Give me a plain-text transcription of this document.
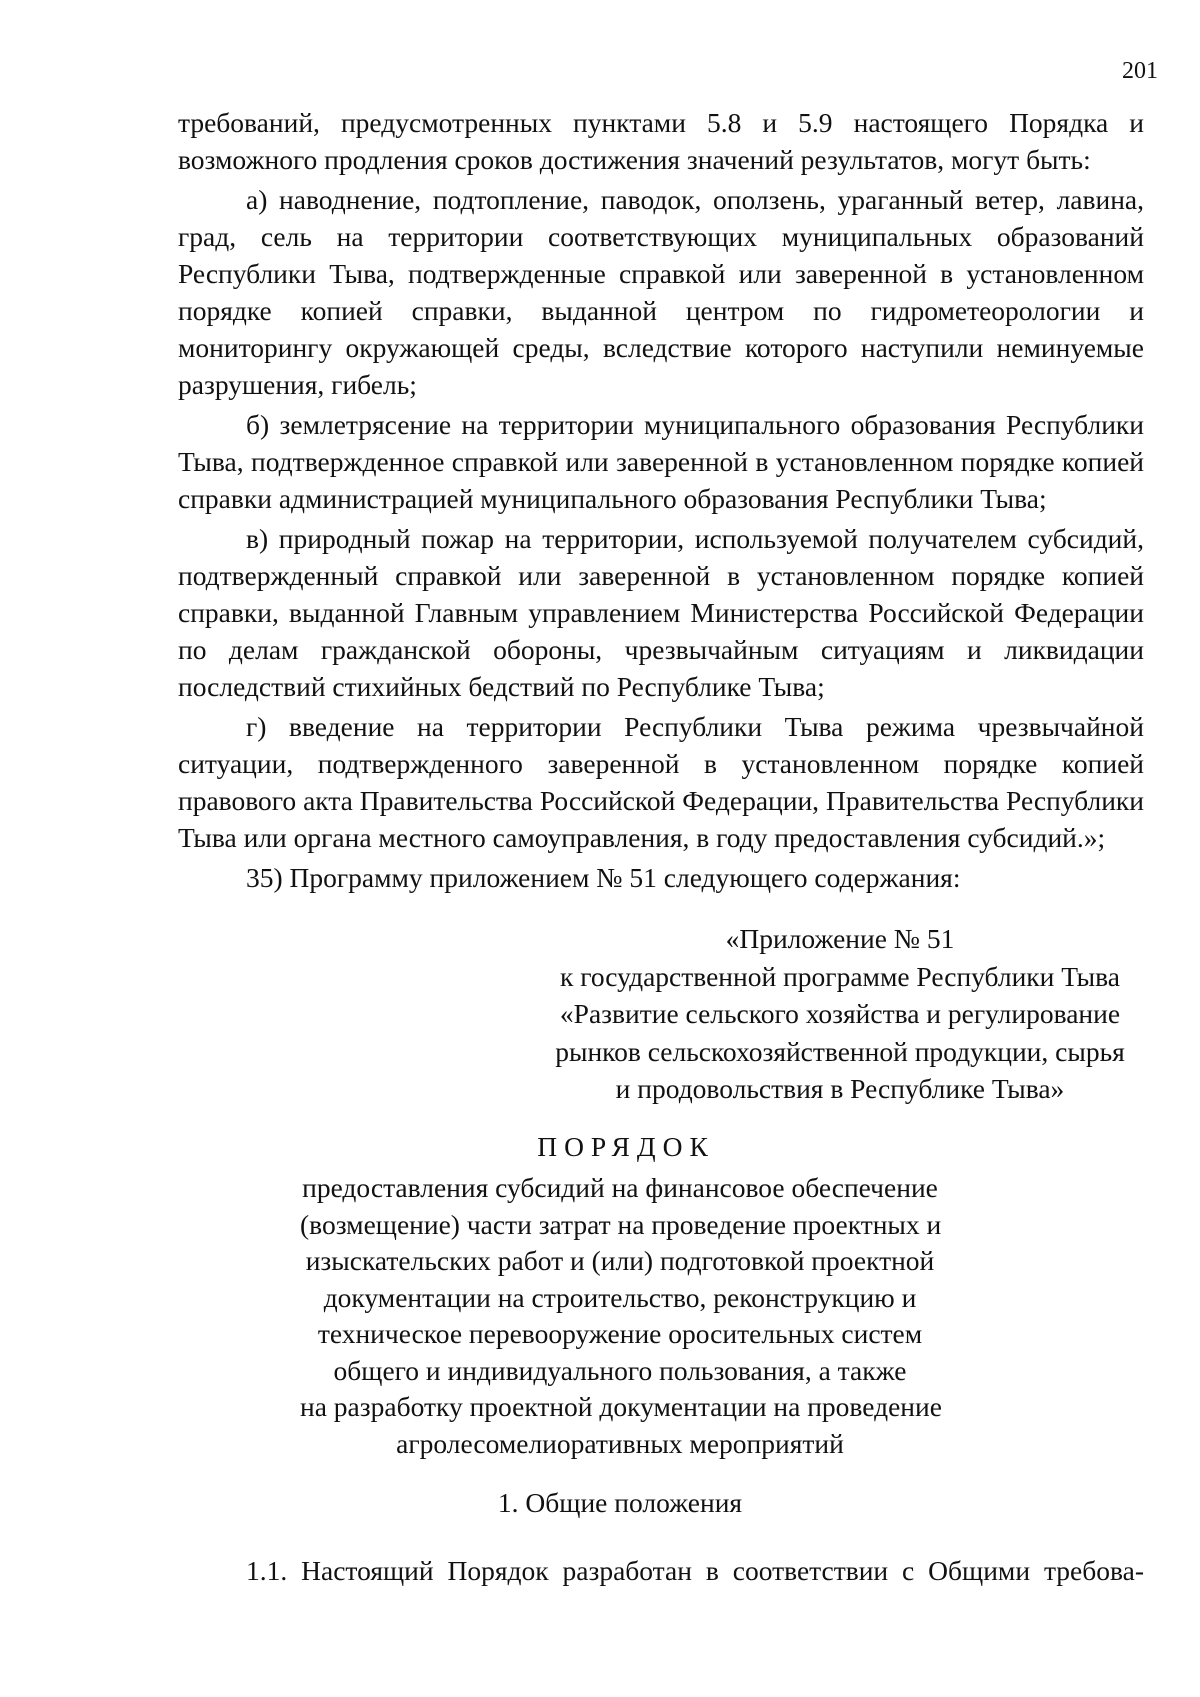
201

требований, предусмотренных пунктами 5.8 и 5.9 настоящего Порядка и возможного продления сроков достижения значений результатов, могут быть:

а) наводнение, подтопление, паводок, оползень, ураганный ветер, лавина, град, сель на территории соответствующих муниципальных образований Республики Тыва, подтвержденные справкой или заверенной в установленном порядке копией справки, выданной центром по гидрометеорологии и мониторингу окружающей среды, вследствие которого наступили неминуемые разрушения, гибель;

б) землетрясение на территории муниципального образования Республики Тыва, подтвержденное справкой или заверенной в установленном порядке копией справки администрацией муниципального образования Республики Тыва;

в) природный пожар на территории, используемой получателем субсидий, подтвержденный справкой или заверенной в установленном порядке копией справки, выданной Главным управлением Министерства Российской Федерации по делам гражданской обороны, чрезвычайным ситуациям и ликвидации последствий стихийных бедствий по Республике Тыва;

г) введение на территории Республики Тыва режима чрезвычайной ситуации, подтвержденного заверенной в установленном порядке копией правового акта Правительства Российской Федерации, Правительства Республики Тыва или органа местного самоуправления, в году предоставления субсидий.»;

35) Программу приложением № 51 следующего содержания:

«Приложение № 51
к государственной программе Республики Тыва
«Развитие сельского хозяйства и регулирование
рынков сельскохозяйственной продукции, сырья
и продовольствия в Республике Тыва»
ПОРЯДОК
предоставления субсидий на финансовое обеспечение
(возмещение) части затрат на проведение проектных и
изыскательских работ и (или) подготовкой проектной
документации на строительство, реконструкцию и
техническое перевооружение оросительных систем
общего и индивидуального пользования, а также
на разработку проектной документации на проведение
агролесомелиоративных мероприятий
1. Общие положения
1.1. Настоящий Порядок разработан в соответствии с Общими требова-
